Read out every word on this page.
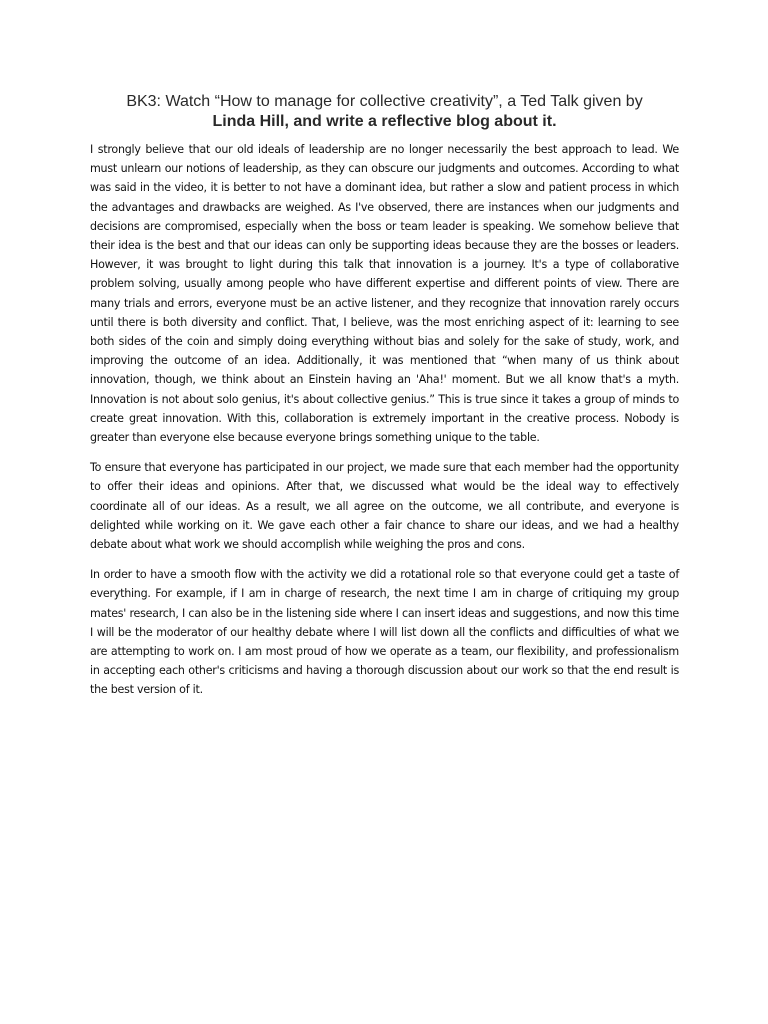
BK3: Watch “How to manage for collective creativity”, a Ted Talk given by
Linda Hill, and write a reflective blog about it.

I strongly believe that our old ideals of leadership are no longer necessarily the best approach to lead. We must unlearn our notions of leadership, as they can obscure our judgments and outcomes. According to what was said in the video, it is better to not have a dominant idea, but rather a slow and patient process in which the advantages and drawbacks are weighed. As I've observed, there are instances when our judgments and decisions are compromised, especially when the boss or team leader is speaking. We somehow believe that their idea is the best and that our ideas can only be supporting ideas because they are the bosses or leaders. However, it was brought to light during this talk that innovation is a journey. It's a type of collaborative problem solving, usually among people who have different expertise and different points of view. There are many trials and errors, everyone must be an active listener, and they recognize that innovation rarely occurs until there is both diversity and conflict. That, I believe, was the most enriching aspect of it: learning to see both sides of the coin and simply doing everything without bias and solely for the sake of study, work, and improving the outcome of an idea. Additionally, it was mentioned that “when many of us think about innovation, though, we think about an Einstein having an 'Aha!' moment. But we all know that's a myth. Innovation is not about solo genius, it's about collective genius.” This is true since it takes a group of minds to create great innovation. With this, collaboration is extremely important in the creative process. Nobody is greater than everyone else because everyone brings something unique to the table.

To ensure that everyone has participated in our project, we made sure that each member had the opportunity to offer their ideas and opinions. After that, we discussed what would be the ideal way to effectively coordinate all of our ideas. As a result, we all agree on the outcome, we all contribute, and everyone is delighted while working on it. We gave each other a fair chance to share our ideas, and we had a healthy debate about what work we should accomplish while weighing the pros and cons.

In order to have a smooth flow with the activity we did a rotational role so that everyone could get a taste of everything. For example, if I am in charge of research, the next time I am in charge of critiquing my group mates' research, I can also be in the listening side where I can insert ideas and suggestions, and now this time I will be the moderator of our healthy debate where I will list down all the conflicts and difficulties of what we are attempting to work on. I am most proud of how we operate as a team, our flexibility, and professionalism in accepting each other's criticisms and having a thorough discussion about our work so that the end result is the best version of it.
